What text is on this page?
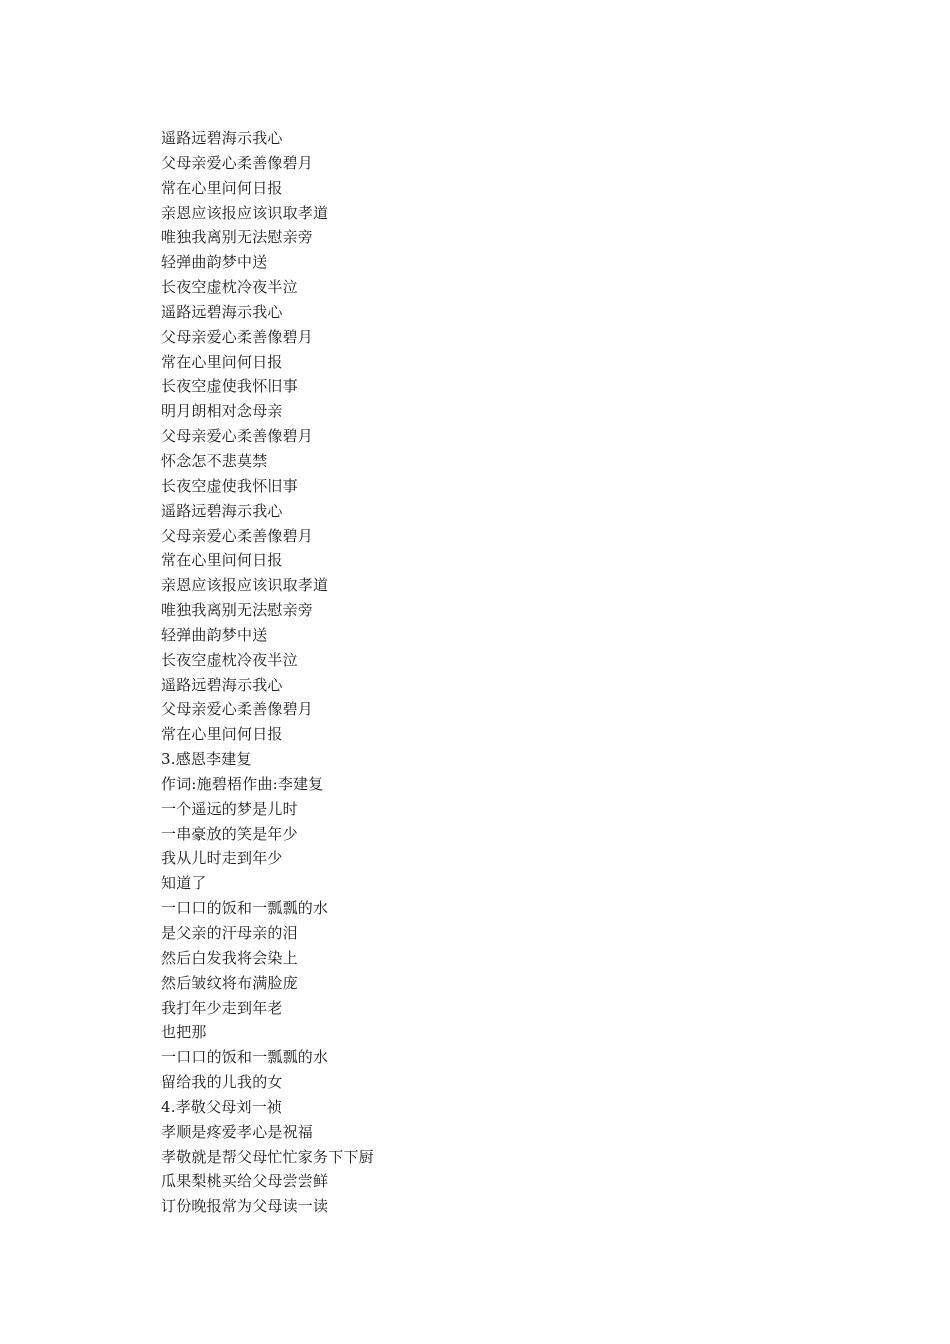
遥路远碧海示我心
父母亲爱心柔善像碧月
常在心里问何日报
亲恩应该报应该识取孝道
唯独我离别无法慰亲旁
轻弹曲韵梦中送
长夜空虚枕冷夜半泣
遥路远碧海示我心
父母亲爱心柔善像碧月
常在心里问何日报
长夜空虚使我怀旧事
明月朗相对念母亲
父母亲爱心柔善像碧月
怀念怎不悲莫禁
长夜空虚使我怀旧事
遥路远碧海示我心
父母亲爱心柔善像碧月
常在心里问何日报
亲恩应该报应该识取孝道
唯独我离别无法慰亲旁
轻弹曲韵梦中送
长夜空虚枕冷夜半泣
遥路远碧海示我心
父母亲爱心柔善像碧月
常在心里问何日报
3.感恩李建复
作词:施碧梧作曲:李建复
一个遥远的梦是儿时
一串豪放的笑是年少
我从儿时走到年少
知道了
一口口的饭和一瓢瓢的水
是父亲的汗母亲的泪
然后白发我将会染上
然后皱纹将布满脸庞
我打年少走到年老
也把那
一口口的饭和一瓢瓢的水
留给我的儿我的女
4.孝敬父母刘一祯
孝顺是疼爱孝心是祝福
孝敬就是帮父母忙忙家务下下厨
瓜果梨桃买给父母尝尝鲜
订份晚报常为父母读一读
